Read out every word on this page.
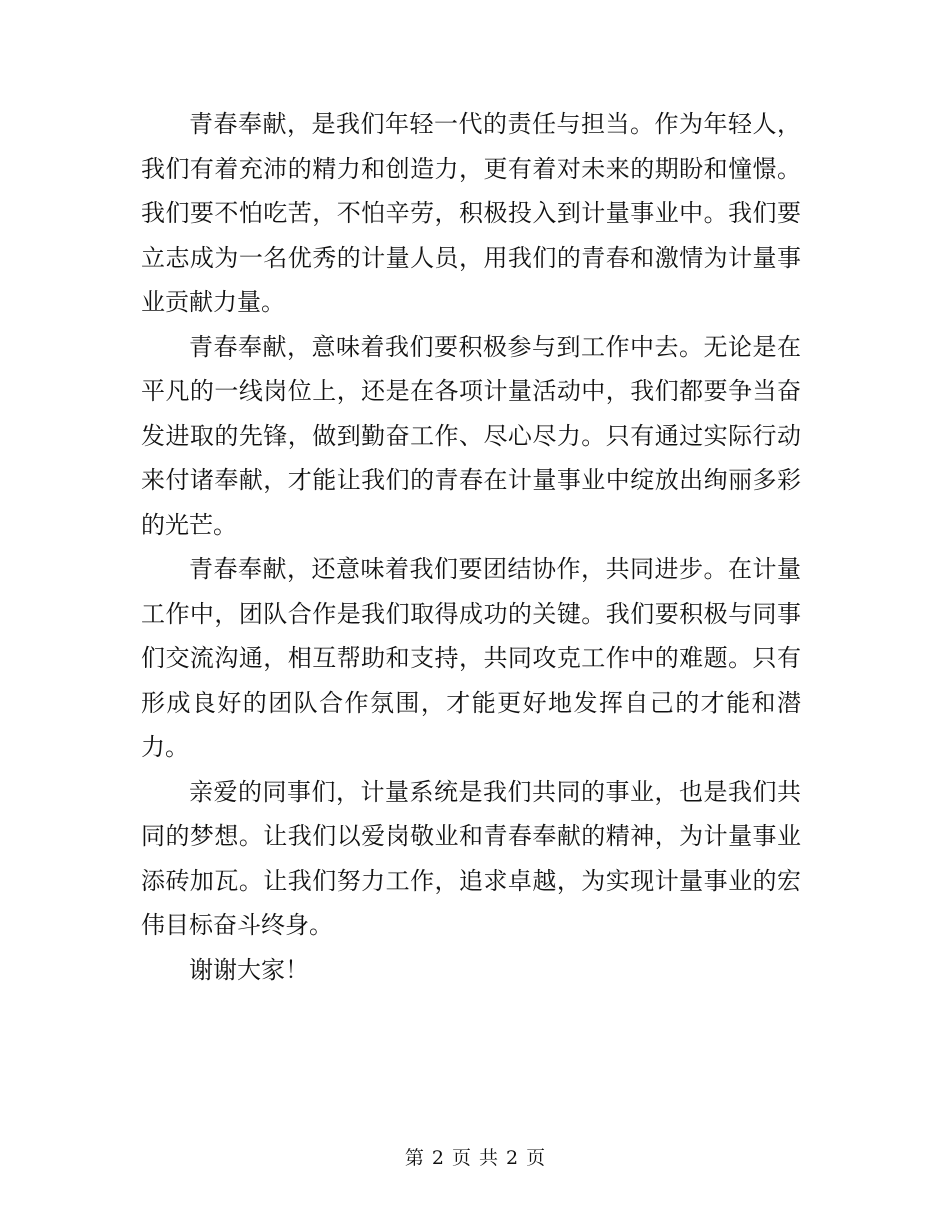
青春奉献，是我们年轻一代的责任与担当。作为年轻人，我们有着充沛的精力和创造力，更有着对未来的期盼和憧憬。我们要不怕吃苦，不怕辛劳，积极投入到计量事业中。我们要立志成为一名优秀的计量人员，用我们的青春和激情为计量事业贡献力量。

青春奉献，意味着我们要积极参与到工作中去。无论是在平凡的一线岗位上，还是在各项计量活动中，我们都要争当奋发进取的先锋，做到勤奋工作、尽心尽力。只有通过实际行动来付诸奉献，才能让我们的青春在计量事业中绽放出绚丽多彩的光芒。

青春奉献，还意味着我们要团结协作，共同进步。在计量工作中，团队合作是我们取得成功的关键。我们要积极与同事们交流沟通，相互帮助和支持，共同攻克工作中的难题。只有形成良好的团队合作氛围，才能更好地发挥自己的才能和潜力。

亲爱的同事们，计量系统是我们共同的事业，也是我们共同的梦想。让我们以爱岗敬业和青春奉献的精神，为计量事业添砖加瓦。让我们努力工作，追求卓越，为实现计量事业的宏伟目标奋斗终身。

谢谢大家！

第 2 页 共 2 页
